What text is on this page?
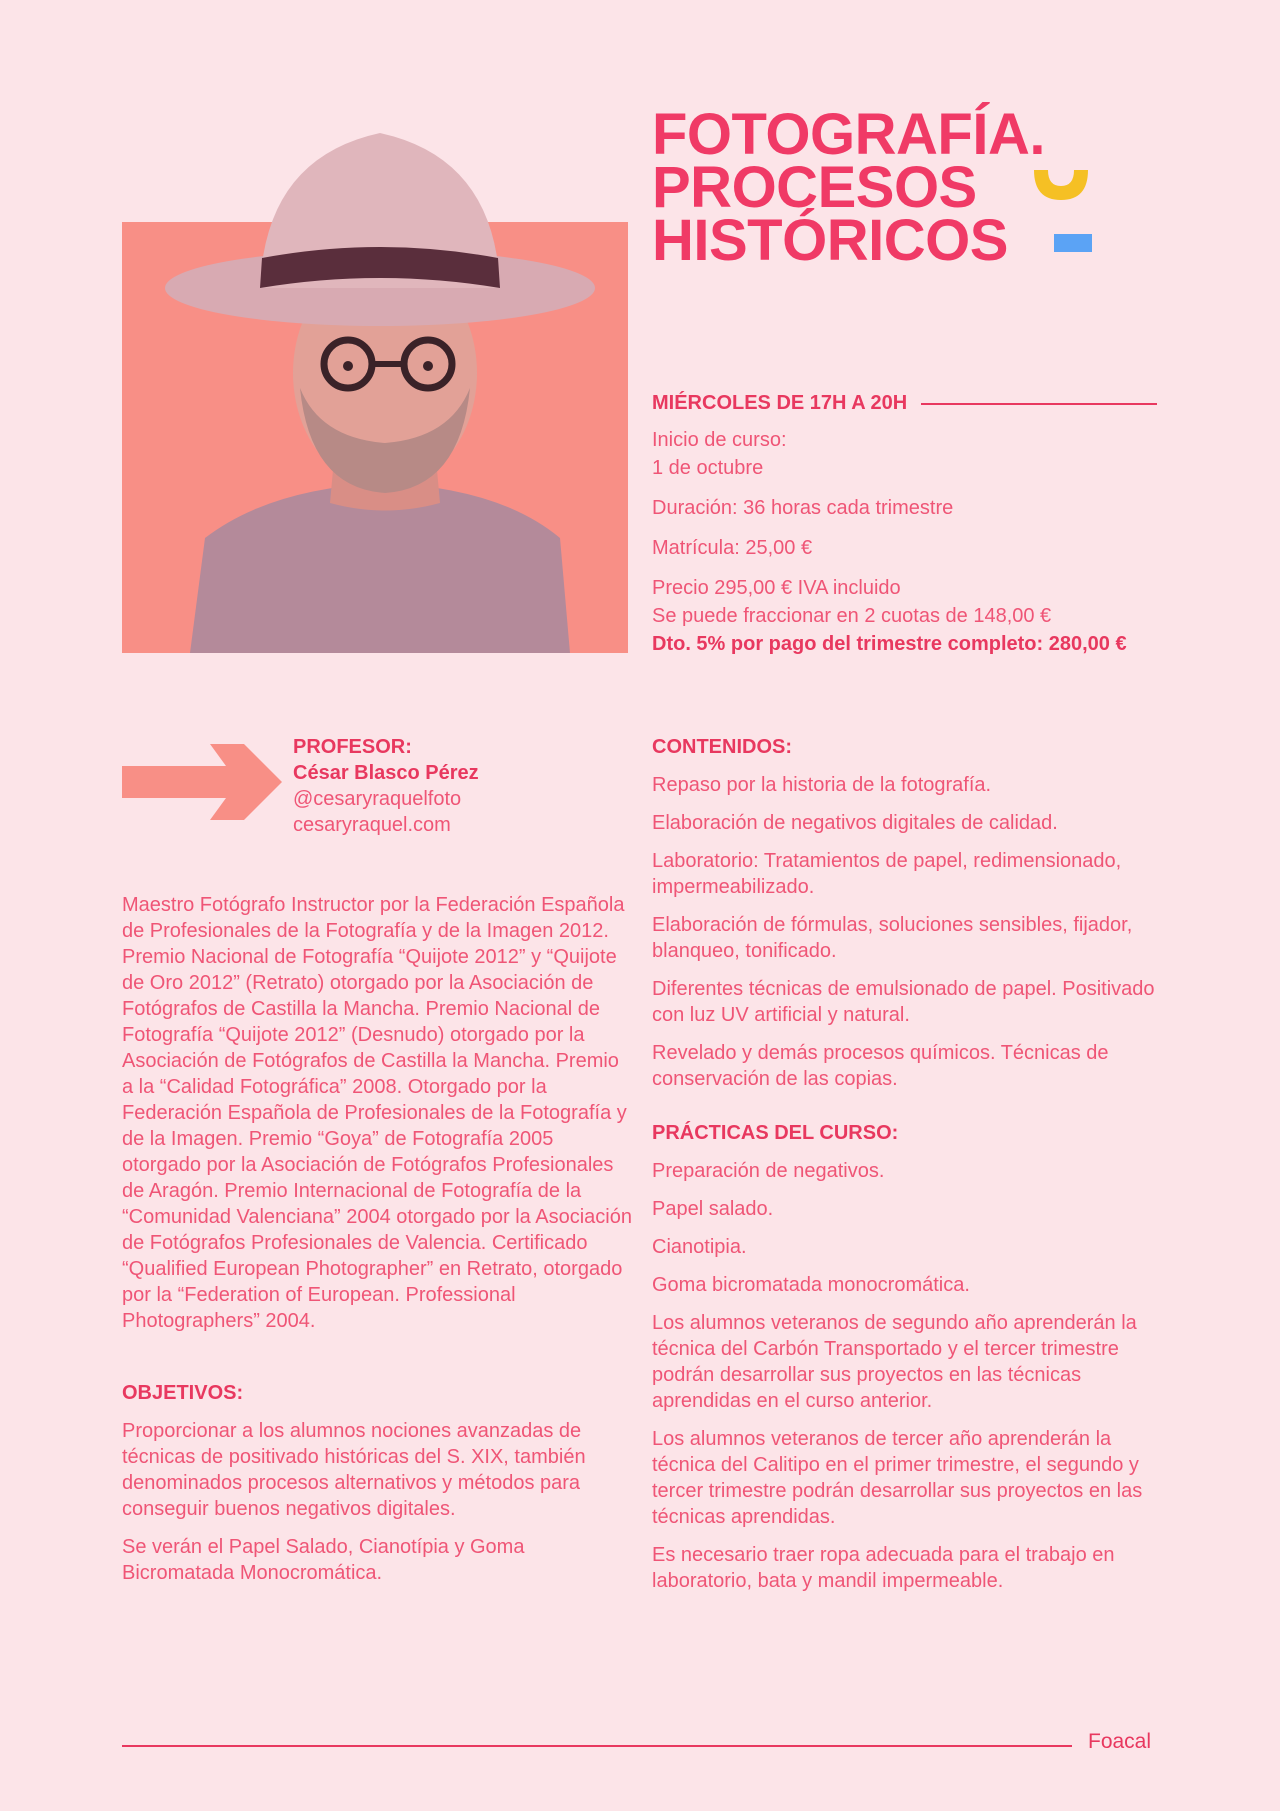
FOTOGRAFÍA.
PROCESOS
HISTÓRICOS
MIÉRCOLES DE 17H A 20H

Inicio de curso:
1 de octubre

Duración: 36 horas cada trimestre

Matrícula: 25,00 €

Precio 295,00 € IVA incluido
Se puede fraccionar en 2 cuotas de 148,00 €
Dto. 5% por pago del trimestre completo: 280,00 €

PROFESOR:
César Blasco Pérez
@cesaryraquelfoto
cesaryraquel.com

Maestro Fotógrafo Instructor por la Federación Española de Profesionales de la Fotografía y de la Imagen 2012. Premio Nacional de Fotografía “Quijote 2012” y “Quijote de Oro 2012” (Retrato) otorgado por la Asociación de Fotógrafos de Castilla la Mancha. Premio Nacional de Fotografía “Quijote 2012” (Desnudo) otorgado por la Asociación de Fotógrafos de Castilla la Mancha. Premio a la “Calidad Fotográfica” 2008. Otorgado por la Federación Española de Profesionales de la Fotografía y de la Imagen. Premio “Goya” de Fotografía 2005 otorgado por la Asociación de Fotógrafos Profesionales de Aragón. Premio Internacional de Fotografía de la “Comunidad Valenciana” 2004 otorgado por la Asociación de Fotógrafos Profesionales de Valencia. Certificado “Qualified European Photographer” en Retrato, otorgado por la “Federation of European. Professional Photographers” 2004.

OBJETIVOS:

Proporcionar a los alumnos nociones avanzadas de técnicas de positivado históricas del S. XIX, también denominados procesos alternativos y métodos para conseguir buenos negativos digitales.

Se verán el Papel Salado, Cianotípia y Goma Bicromatada Monocromática.

CONTENIDOS:

Repaso por la historia de la fotografía.

Elaboración de negativos digitales de calidad.

Laboratorio: Tratamientos de papel, redimensionado, impermeabilizado.

Elaboración de fórmulas, soluciones sensibles, fijador, blanqueo, tonificado.

Diferentes técnicas de emulsionado de papel. Positivado con luz UV artificial y natural.

Revelado y demás procesos químicos. Técnicas de conservación de las copias.

PRÁCTICAS DEL CURSO:

Preparación de negativos.

Papel salado.

Cianotipia.

Goma bicromatada monocromática.

Los alumnos veteranos de segundo año aprenderán la técnica del Carbón Transportado y el tercer trimestre podrán desarrollar sus proyectos en las técnicas aprendidas en el curso anterior.

Los alumnos veteranos de tercer año aprenderán la técnica del Calitipo en el primer trimestre, el segundo y tercer trimestre podrán desarrollar sus proyectos en las técnicas aprendidas.

Es necesario traer ropa adecuada para el trabajo en laboratorio, bata y mandil impermeable.

Foacal
